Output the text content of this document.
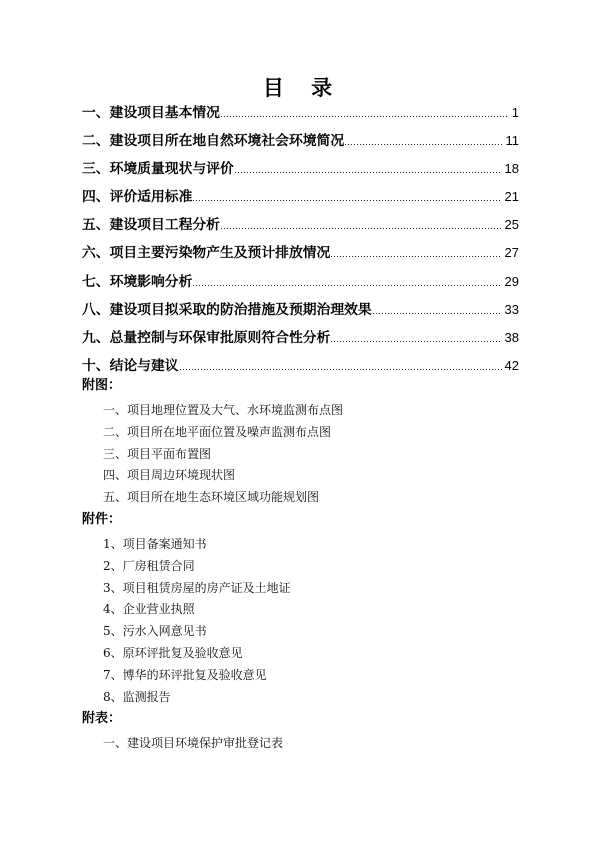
目 录
一、建设项目基本情况	1
二、建设项目所在地自然环境社会环境简况	11
三、环境质量现状与评价	18
四、评价适用标准	21
五、建设项目工程分析	25
六、项目主要污染物产生及预计排放情况	27
七、环境影响分析	29
八、建设项目拟采取的防治措施及预期治理效果	33
九、总量控制与环保审批原则符合性分析	38
十、结论与建议	42
附图：
一、项目地理位置及大气、水环境监测布点图
二、项目所在地平面位置及噪声监测布点图
三、项目平面布置图
四、项目周边环境现状图
五、项目所在地生态环境区域功能规划图
附件：
1、项目备案通知书
2、厂房租赁合同
3、项目租赁房屋的房产证及土地证
4、企业营业执照
5、污水入网意见书
6、原环评批复及验收意见
7、博华的环评批复及验收意见
8、监测报告
附表：
一、建设项目环境保护审批登记表
